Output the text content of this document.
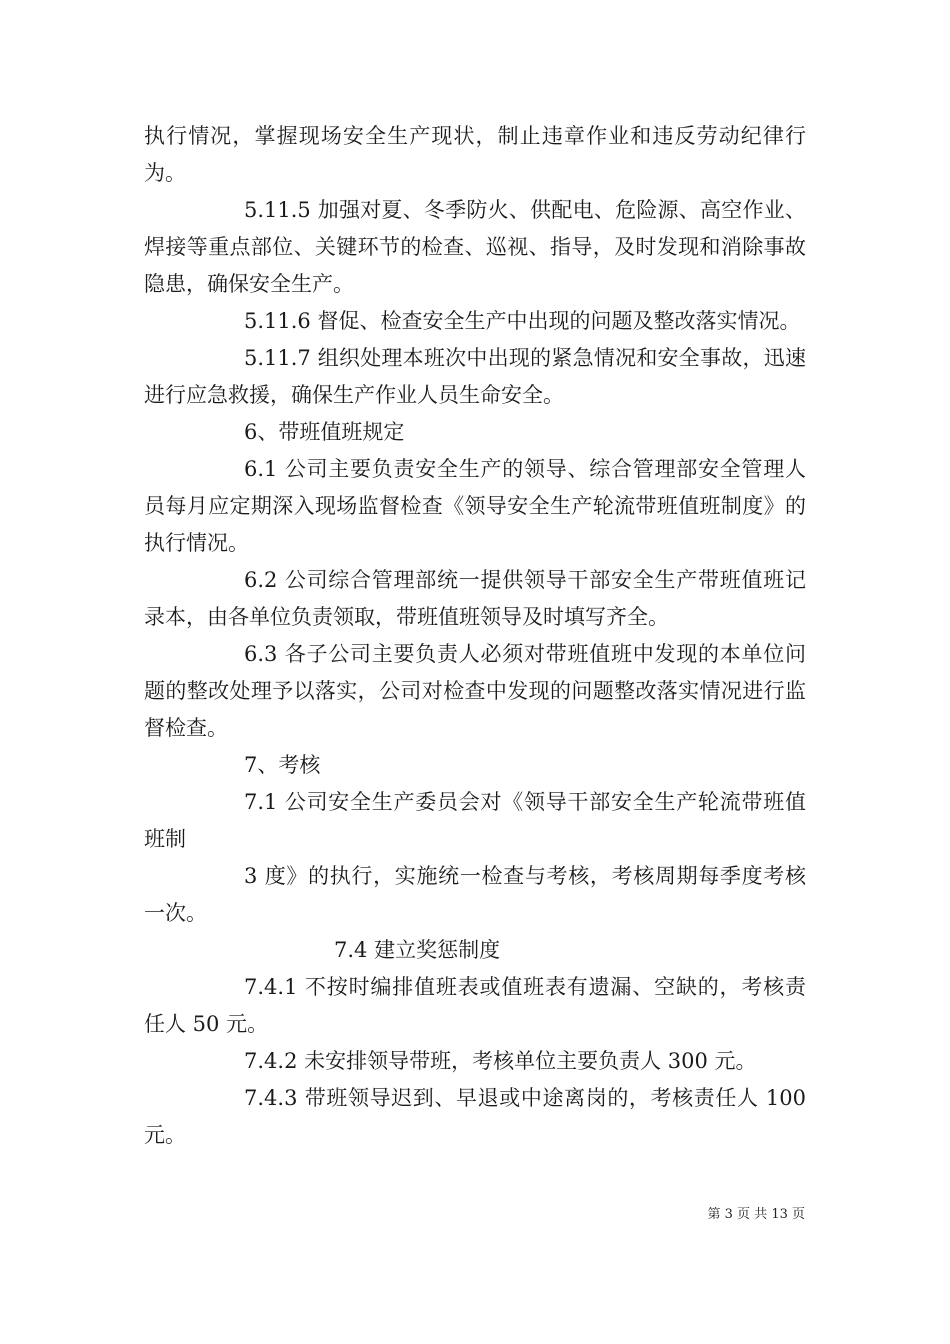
执行情况，掌握现场安全生产现状，制止违章作业和违反劳动纪律行为。

5.11.5 加强对夏、冬季防火、供配电、危险源、高空作业、焊接等重点部位、关键环节的检查、巡视、指导，及时发现和消除事故隐患，确保安全生产。

5.11.6 督促、检查安全生产中出现的问题及整改落实情况。

5.11.7 组织处理本班次中出现的紧急情况和安全事故，迅速进行应急救援，确保生产作业人员生命安全。

6、带班值班规定

6.1 公司主要负责安全生产的领导、综合管理部安全管理人员每月应定期深入现场监督检查《领导安全生产轮流带班值班制度》的执行情况。

6.2 公司综合管理部统一提供领导干部安全生产带班值班记录本，由各单位负责领取，带班值班领导及时填写齐全。

6.3 各子公司主要负责人必须对带班值班中发现的本单位问题的整改处理予以落实，公司对检查中发现的问题整改落实情况进行监督检查。

7、考核

7.1 公司安全生产委员会对《领导干部安全生产轮流带班值班制

3 度》的执行，实施统一检查与考核，考核周期每季度考核一次。

7.4 建立奖惩制度

7.4.1 不按时编排值班表或值班表有遗漏、空缺的，考核责任人 50 元。

7.4.2 未安排领导带班，考核单位主要负责人 300 元。

7.4.3 带班领导迟到、早退或中途离岗的，考核责任人 100 元。

第 3 页 共 13 页
